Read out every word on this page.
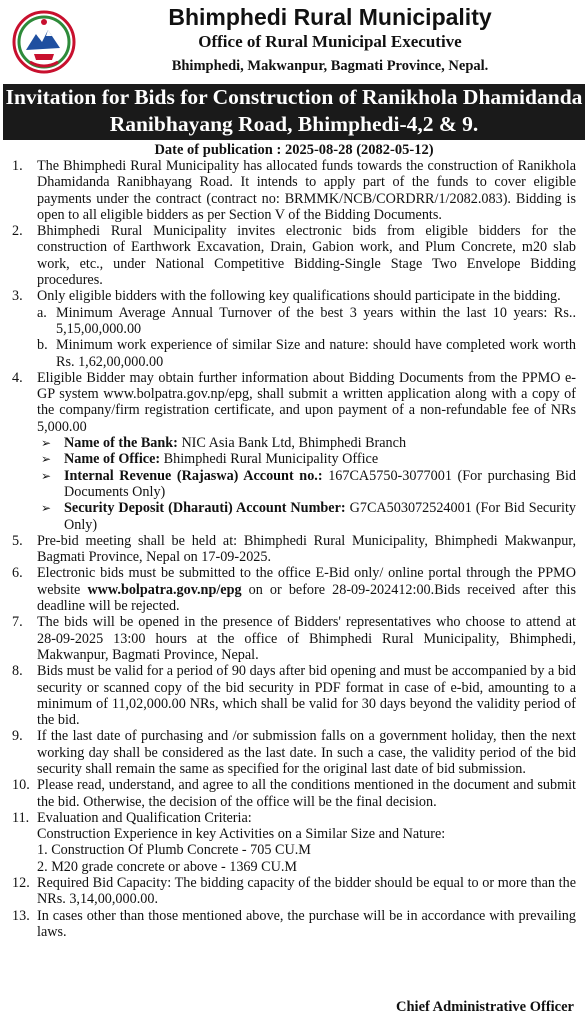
Bhimphedi Rural Municipality
Office of Rural Municipal Executive
Bhimphedi, Makwanpur, Bagmati Province, Nepal.
Invitation for Bids for Construction of Ranikhola Dhamidanda
Ranibhayang Road, Bhimphedi-4,2 & 9.
Date of publication : 2025-08-28 (2082-05-12)
1. The Bhimphedi Rural Municipality has allocated funds towards the construction of Ranikhola Dhamidanda Ranibhayang Road. It intends to apply part of the funds to cover eligible payments under the contract (contract no: BRMMK/NCB/CORDRR/1/2082.083). Bidding is open to all eligible bidders as per Section V of the Bidding Documents.
2. Bhimphedi Rural Municipality invites electronic bids from eligible bidders for the construction of Earthwork Excavation, Drain, Gabion work, and Plum Concrete, m20 slab work, etc., under National Competitive Bidding-Single Stage Two Envelope Bidding procedures.
3. Only eligible bidders with the following key qualifications should participate in the bidding.
a. Minimum Average Annual Turnover of the best 3 years within the last 10 years: Rs.. 5,15,00,000.00
b. Minimum work experience of similar Size and nature: should have completed work worth Rs. 1,62,00,000.00
4. Eligible Bidder may obtain further information about Bidding Documents from the PPMO e-GP system www.bolpatra.gov.np/epg, shall submit a written application along with a copy of the company/firm registration certificate, and upon payment of a non-refundable fee of NRs 5,000.00
➢ Name of the Bank: NIC Asia Bank Ltd, Bhimphedi Branch
➢ Name of Office: Bhimphedi Rural Municipality Office
➢ Internal Revenue (Rajaswa) Account no.: 167CA5750-3077001 (For purchasing Bid Documents Only)
➢ Security Deposit (Dharauti) Account Number: G7CA503072524001 (For Bid Security Only)
5. Pre-bid meeting shall be held at: Bhimphedi Rural Municipality, Bhimphedi Makwanpur, Bagmati Province, Nepal on 17-09-2025.
6. Electronic bids must be submitted to the office E-Bid only/ online portal through the PPMO website www.bolpatra.gov.np/epg on or before 28-09-202412:00.Bids received after this deadline will be rejected.
7. The bids will be opened in the presence of Bidders' representatives who choose to attend at 28-09-2025 13:00 hours at the office of Bhimphedi Rural Municipality, Bhimphedi, Makwanpur, Bagmati Province, Nepal.
8. Bids must be valid for a period of 90 days after bid opening and must be accompanied by a bid security or scanned copy of the bid security in PDF format in case of e-bid, amounting to a minimum of 11,02,000.00 NRs, which shall be valid for 30 days beyond the validity period of the bid.
9. If the last date of purchasing and /or submission falls on a government holiday, then the next working day shall be considered as the last date. In such a case, the validity period of the bid security shall remain the same as specified for the original last date of bid submission.
10. Please read, understand, and agree to all the conditions mentioned in the document and submit the bid. Otherwise, the decision of the office will be the final decision.
11. Evaluation and Qualification Criteria:
Construction Experience in key Activities on a Similar Size and Nature:
1. Construction Of Plumb Concrete - 705 CU.M
2. M20 grade concrete or above - 1369 CU.M
12. Required Bid Capacity: The bidding capacity of the bidder should be equal to or more than the NRs. 3,14,00,000.00.
13. In cases other than those mentioned above, the purchase will be in accordance with prevailing laws.
Chief Administrative Officer
